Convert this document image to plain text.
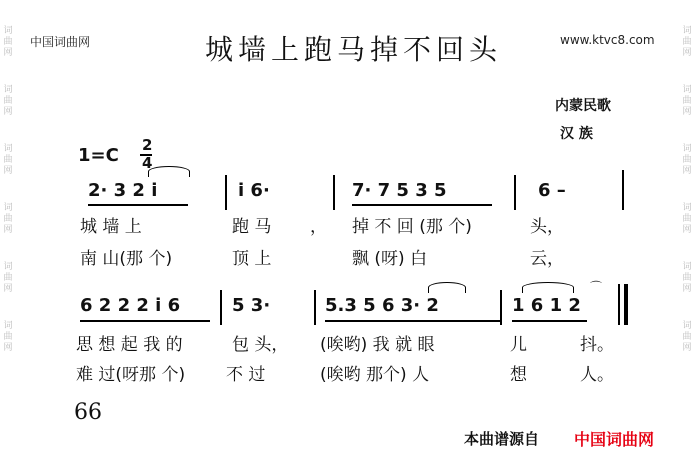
词
曲
网
词
曲
网
词
曲
网
词
曲
网
词
曲
网
词
曲
网
词
曲
网
词
曲
网
词
曲
网
词
曲
网
词
曲
网
词
曲
网
中国词曲网	城墙上跑马掉不回头	www.ktvc8.com
内蒙民歌
汉 族
1=C 2
4
2· 3 2 i	i 6·	7· 7 5 3 5	6 –
城 墙 上	跑 马 ， 掉 不 回 (那 个)	头，
南 山(那 个)	顶 上	飘 (呀) 白	云，
6 2 2 2 i 6	5 3·	5.3 5 6 3· 2	1 6 1 2
⌒
思 想 起 我 的	包 头， (唉哟) 我 就 眼	儿	抖。
难 过(呀那 个) 不 过	(唉哟 那个) 人	想	人。
66
本曲谱源自 中国词曲网
